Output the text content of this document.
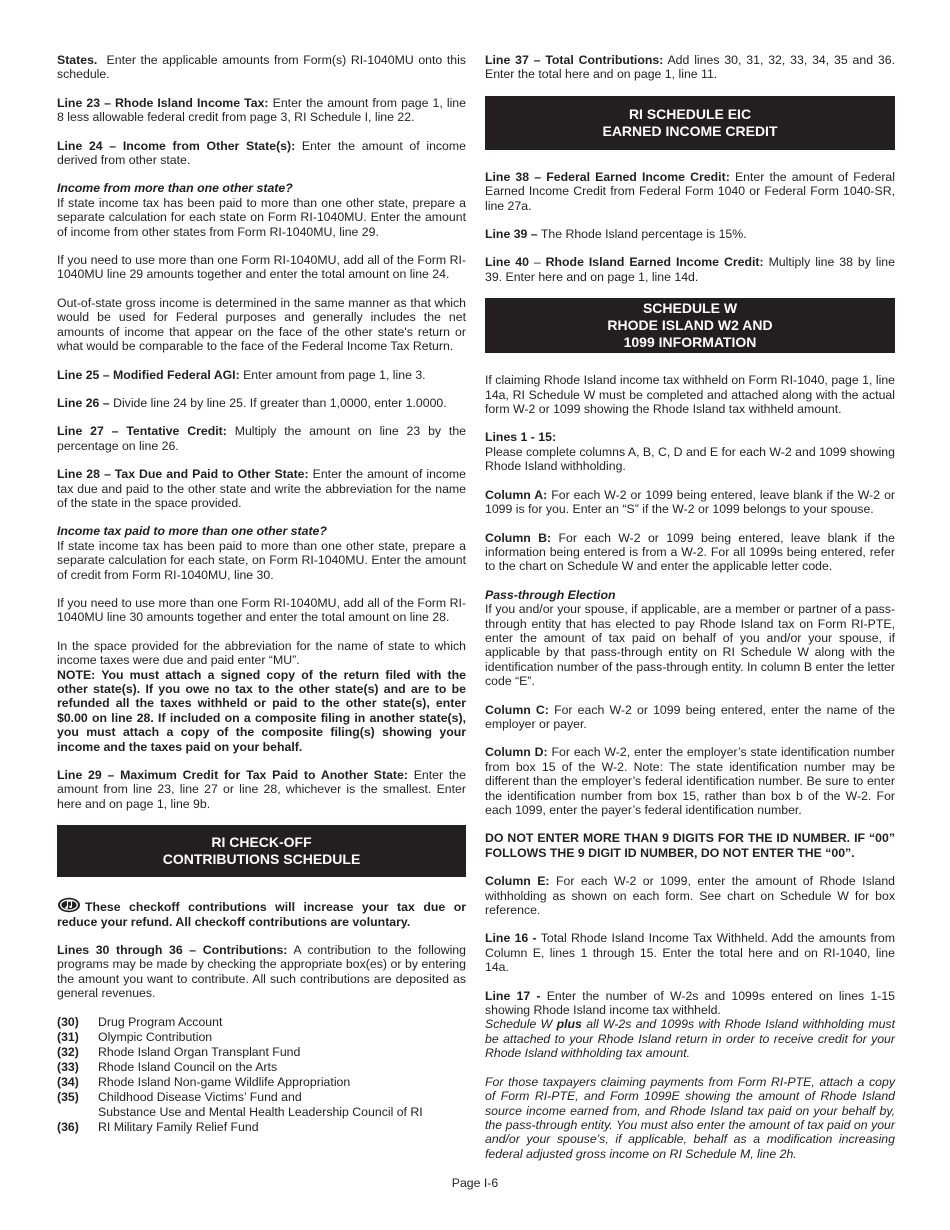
States. Enter the applicable amounts from Form(s) RI-1040MU onto this schedule.

Line 23 – Rhode Island Income Tax: Enter the amount from page 1, line 8 less allowable federal credit from page 3, RI Schedule I, line 22.

Line 24 – Income from Other State(s): Enter the amount of income derived from other state.

Income from more than one other state?
If state income tax has been paid to more than one other state, prepare a separate calculation for each state on Form RI-1040MU. Enter the amount of income from other states from Form RI-1040MU, line 29.

If you need to use more than one Form RI-1040MU, add all of the Form RI-1040MU line 29 amounts together and enter the total amount on line 24.

Out-of-state gross income is determined in the same manner as that which would be used for Federal purposes and generally includes the net amounts of income that appear on the face of the other state's return or what would be comparable to the face of the Federal Income Tax Return.

Line 25 – Modified Federal AGI: Enter amount from page 1, line 3.

Line 26 – Divide line 24 by line 25. If greater than 1,0000, enter 1.0000.

Line 27 – Tentative Credit: Multiply the amount on line 23 by the percentage on line 26.

Line 28 – Tax Due and Paid to Other State: Enter the amount of income tax due and paid to the other state and write the abbreviation for the name of the state in the space provided.

Income tax paid to more than one other state?
If state income tax has been paid to more than one other state, prepare a separate calculation for each state, on Form RI-1040MU. Enter the amount of credit from Form RI-1040MU, line 30.

If you need to use more than one Form RI-1040MU, add all of the Form RI-1040MU line 30 amounts together and enter the total amount on line 28.

In the space provided for the abbreviation for the name of state to which income taxes were due and paid enter “MU”.

NOTE: You must attach a signed copy of the return filed with the other state(s). If you owe no tax to the other state(s) and are to be refunded all the taxes withheld or paid to the other state(s), enter $0.00 on line 28. If included on a composite filing in another state(s), you must attach a copy of the composite filing(s) showing your income and the taxes paid on your behalf.

Line 29 – Maximum Credit for Tax Paid to Another State: Enter the amount from line 23, line 27 or line 28, whichever is the smallest. Enter here and on page 1, line 9b.

RI CHECK-OFF
CONTRIBUTIONS SCHEDULE

These checkoff contributions will increase your tax due or reduce your refund. All checkoff contributions are voluntary.

Lines 30 through 36 – Contributions: A contribution to the following programs may be made by checking the appropriate box(es) or by entering the amount you want to contribute. All such contributions are deposited as general revenues.

(30)	Drug Program Account
(31)	Olympic Contribution
(32)	Rhode Island Organ Transplant Fund
(33)	Rhode Island Council on the Arts
(34)	Rhode Island Non-game Wildlife Appropriation
(35)	Childhood Disease Victims’ Fund and
Substance Use and Mental Health Leadership Council of RI
(36)	RI Military Family Relief Fund

Line 37 – Total Contributions: Add lines 30, 31, 32, 33, 34, 35 and 36. Enter the total here and on page 1, line 11.

RI SCHEDULE EIC
EARNED INCOME CREDIT

Line 38 – Federal Earned Income Credit: Enter the amount of Federal Earned Income Credit from Federal Form 1040 or Federal Form 1040-SR, line 27a.

Line 39 – The Rhode Island percentage is 15%.

Line 40 – Rhode Island Earned Income Credit: Multiply line 38 by line 39. Enter here and on page 1, line 14d.

SCHEDULE W
RHODE ISLAND W2 AND
1099 INFORMATION

If claiming Rhode Island income tax withheld on Form RI-1040, page 1, line 14a, RI Schedule W must be completed and attached along with the actual form W-2 or 1099 showing the Rhode Island tax withheld amount.

Lines 1 - 15:
Please complete columns A, B, C, D and E for each W-2 and 1099 showing Rhode Island withholding.

Column A: For each W-2 or 1099 being entered, leave blank if the W-2 or 1099 is for you. Enter an “S” if the W-2 or 1099 belongs to your spouse.

Column B: For each W-2 or 1099 being entered, leave blank if the information being entered is from a W-2. For all 1099s being entered, refer to the chart on Schedule W and enter the applicable letter code.

Pass-through Election
If you and/or your spouse, if applicable, are a member or partner of a pass-through entity that has elected to pay Rhode Island tax on Form RI-PTE, enter the amount of tax paid on behalf of you and/or your spouse, if applicable by that pass-through entity on RI Schedule W along with the identification number of the pass-through entity. In column B enter the letter code “E”.

Column C: For each W-2 or 1099 being entered, enter the name of the employer or payer.

Column D: For each W-2, enter the employer’s state identification number from box 15 of the W-2. Note: The state identification number may be different than the employer’s federal identification number. Be sure to enter the identification number from box 15, rather than box b of the W-2. For each 1099, enter the payer’s federal identification number.

DO NOT ENTER MORE THAN 9 DIGITS FOR THE ID NUMBER. IF “00” FOLLOWS THE 9 DIGIT ID NUMBER, DO NOT ENTER THE “00”.

Column E: For each W-2 or 1099, enter the amount of Rhode Island withholding as shown on each form. See chart on Schedule W for box reference.

Line 16 - Total Rhode Island Income Tax Withheld. Add the amounts from Column E, lines 1 through 15. Enter the total here and on RI-1040, line 14a.

Line 17 - Enter the number of W-2s and 1099s entered on lines 1-15 showing Rhode Island income tax withheld.
Schedule W plus all W-2s and 1099s with Rhode Island withholding must be attached to your Rhode Island return in order to receive credit for your Rhode Island withholding tax amount.

For those taxpayers claiming payments from Form RI-PTE, attach a copy of Form RI-PTE, and Form 1099E showing the amount of Rhode Island source income earned from, and Rhode Island tax paid on your behalf by, the pass-through entity. You must also enter the amount of tax paid on your and/or your spouse’s, if applicable, behalf as a modification increasing federal adjusted gross income on RI Schedule M, line 2h.

Page I-6
